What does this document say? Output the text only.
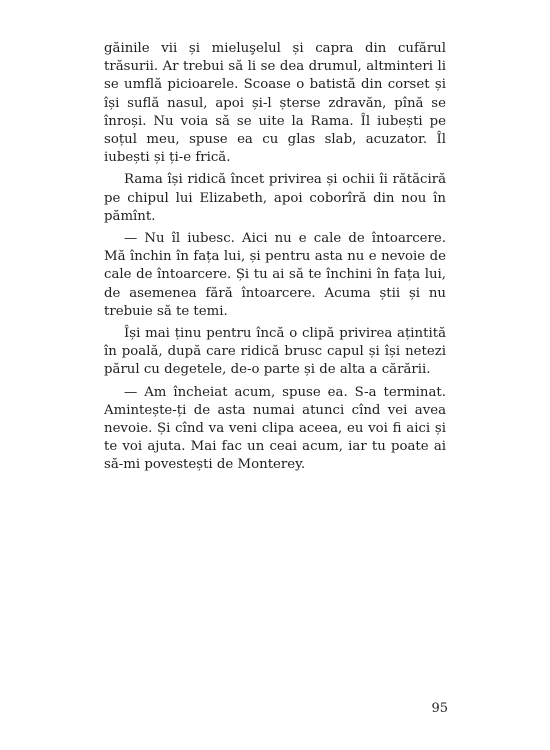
găinile vii și mieluşelul și capra din cufărul trăsurii. Ar trebui să li se dea drumul, altminteri li se umflă picioarele. Scoase o batistă din corset și își suflă nasul, apoi și-l șterse zdravăn, pînă se înroși. Nu voia să se uite la Rama. Îl iubești pe soțul meu, spuse ea cu glas slab, acuzator. Îl iubești și ți-e frică.

Rama își ridică încet privirea și ochii îi rătăciră pe chipul lui Elizabeth, apoi coborîră din nou în pămînt.

— Nu îl iubesc. Aici nu e cale de întoarcere. Mă închin în fața lui, și pentru asta nu e nevoie de cale de întoarcere. Și tu ai să te închini în fața lui, de asemenea fără întoarcere. Acuma știi și nu trebuie să te temi.

Își mai ținu pentru încă o clipă privirea ațintită în poală, după care ridică brusc capul și își netezi părul cu degetele, de-o parte și de alta a cărării.

— Am încheiat acum, spuse ea. S-a terminat. Amintește-ți de asta numai atunci cînd vei avea nevoie. Și cînd va veni clipa aceea, eu voi fi aici și te voi ajuta. Mai fac un ceai acum, iar tu poate ai să-mi povestești de Monterey.

95
